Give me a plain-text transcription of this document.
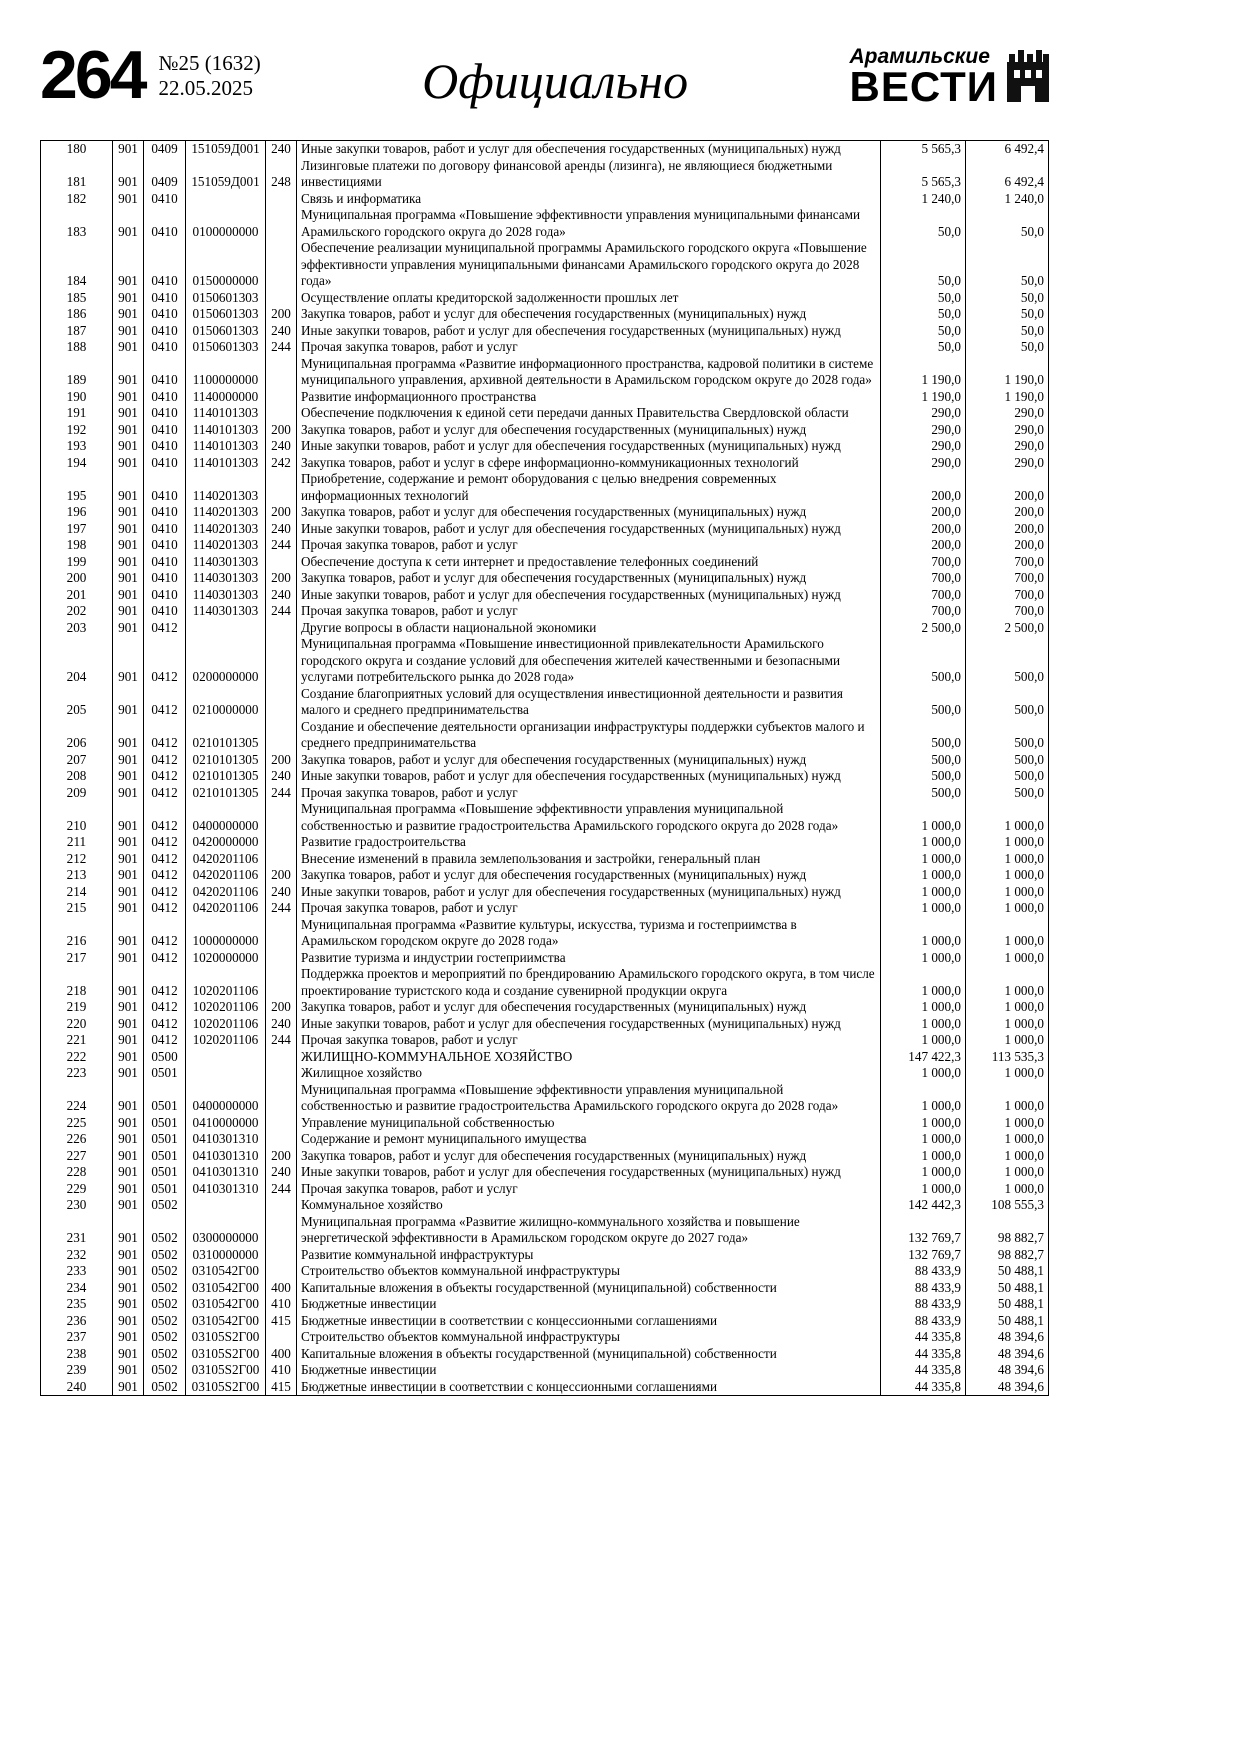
264 №25 (1632)
22.05.2025	Официально	Арамильские
ВЕСТИ
180	901	0409	151059Д001	240	Иные закупки товаров, работ и услуг для обеспечения государственных (муниципальных) нужд	5 565,3	6 492,4
181	901	0409	151059Д001	248	Лизинговые платежи по договору финансовой аренды (лизинга), не являющиеся бюджетными инвестициями	5 565,3	6 492,4
182	901	0410			Связь и информатика	1 240,0	1 240,0
183	901	0410	0100000000		Муниципальная программа «Повышение эффективности управления муниципальными финансами Арамильского городского округа до 2028 года»	50,0	50,0
184	901	0410	0150000000		Обеспечение реализации муниципальной программы Арамильского городского округа «Повышение эффективности управления муниципальными финансами Арамильского городского округа до 2028 года»	50,0	50,0
185	901	0410	0150601303		Осуществление оплаты кредиторской задолженности прошлых лет	50,0	50,0
186	901	0410	0150601303	200	Закупка товаров, работ и услуг для обеспечения государственных (муниципальных) нужд	50,0	50,0
187	901	0410	0150601303	240	Иные закупки товаров, работ и услуг для обеспечения государственных (муниципальных) нужд	50,0	50,0
188	901	0410	0150601303	244	Прочая закупка товаров, работ и услуг	50,0	50,0
189	901	0410	1100000000		Муниципальная программа «Развитие информационного пространства, кадровой политики в системе муниципального управления, архивной деятельности в Арамильском городском округе до 2028 года»	1 190,0	1 190,0
190	901	0410	1140000000		Развитие информационного пространства	1 190,0	1 190,0
191	901	0410	1140101303		Обеспечение подключения к единой сети передачи данных Правительства Свердловской области	290,0	290,0
192	901	0410	1140101303	200	Закупка товаров, работ и услуг для обеспечения государственных (муниципальных) нужд	290,0	290,0
193	901	0410	1140101303	240	Иные закупки товаров, работ и услуг для обеспечения государственных (муниципальных) нужд	290,0	290,0
194	901	0410	1140101303	242	Закупка товаров, работ и услуг в сфере информационно-коммуникационных технологий	290,0	290,0
195	901	0410	1140201303		Приобретение, содержание и ремонт оборудования с целью внедрения современных информационных технологий	200,0	200,0
196	901	0410	1140201303	200	Закупка товаров, работ и услуг для обеспечения государственных (муниципальных) нужд	200,0	200,0
197	901	0410	1140201303	240	Иные закупки товаров, работ и услуг для обеспечения государственных (муниципальных) нужд	200,0	200,0
198	901	0410	1140201303	244	Прочая закупка товаров, работ и услуг	200,0	200,0
199	901	0410	1140301303		Обеспечение доступа к сети интернет и предоставление телефонных соединений	700,0	700,0
200	901	0410	1140301303	200	Закупка товаров, работ и услуг для обеспечения государственных (муниципальных) нужд	700,0	700,0
201	901	0410	1140301303	240	Иные закупки товаров, работ и услуг для обеспечения государственных (муниципальных) нужд	700,0	700,0
202	901	0410	1140301303	244	Прочая закупка товаров, работ и услуг	700,0	700,0
203	901	0412			Другие вопросы в области национальной экономики	2 500,0	2 500,0
204	901	0412	0200000000		Муниципальная программа «Повышение инвестиционной привлекательности Арамильского городского округа и создание условий для обеспечения жителей качественными и безопасными услугами потребительского рынка до 2028 года»	500,0	500,0
205	901	0412	0210000000		Создание благоприятных условий для осуществления инвестиционной деятельности и развития малого и среднего предпринимательства	500,0	500,0
206	901	0412	0210101305		Создание и обеспечение деятельности организации инфраструктуры поддержки субъектов малого и среднего предпринимательства	500,0	500,0
207	901	0412	0210101305	200	Закупка товаров, работ и услуг для обеспечения государственных (муниципальных) нужд	500,0	500,0
208	901	0412	0210101305	240	Иные закупки товаров, работ и услуг для обеспечения государственных (муниципальных) нужд	500,0	500,0
209	901	0412	0210101305	244	Прочая закупка товаров, работ и услуг	500,0	500,0
210	901	0412	0400000000		Муниципальная программа «Повышение эффективности управления муниципальной собственностью и развитие градостроительства Арамильского городского округа до 2028 года»	1 000,0	1 000,0
211	901	0412	0420000000		Развитие градостроительства	1 000,0	1 000,0
212	901	0412	0420201106		Внесение изменений в правила землепользования и застройки, генеральный план	1 000,0	1 000,0
213	901	0412	0420201106	200	Закупка товаров, работ и услуг для обеспечения государственных (муниципальных) нужд	1 000,0	1 000,0
214	901	0412	0420201106	240	Иные закупки товаров, работ и услуг для обеспечения государственных (муниципальных) нужд	1 000,0	1 000,0
215	901	0412	0420201106	244	Прочая закупка товаров, работ и услуг	1 000,0	1 000,0
216	901	0412	1000000000		Муниципальная программа «Развитие культуры, искусства, туризма и гостеприимства в Арамильском городском округе до 2028 года»	1 000,0	1 000,0
217	901	0412	1020000000		Развитие туризма и индустрии гостеприимства	1 000,0	1 000,0
218	901	0412	1020201106		Поддержка проектов и мероприятий по брендированию Арамильского городского округа, в том числе проектирование туристского кода и создание сувенирной продукции округа	1 000,0	1 000,0
219	901	0412	1020201106	200	Закупка товаров, работ и услуг для обеспечения государственных (муниципальных) нужд	1 000,0	1 000,0
220	901	0412	1020201106	240	Иные закупки товаров, работ и услуг для обеспечения государственных (муниципальных) нужд	1 000,0	1 000,0
221	901	0412	1020201106	244	Прочая закупка товаров, работ и услуг	1 000,0	1 000,0
222	901	0500			ЖИЛИЩНО-КОММУНАЛЬНОЕ ХОЗЯЙСТВО	147 422,3	113 535,3
223	901	0501			Жилищное хозяйство	1 000,0	1 000,0
224	901	0501	0400000000		Муниципальная программа «Повышение эффективности управления муниципальной собственностью и развитие градостроительства Арамильского городского округа до 2028 года»	1 000,0	1 000,0
225	901	0501	0410000000		Управление муниципальной собственностью	1 000,0	1 000,0
226	901	0501	0410301310		Содержание и ремонт муниципального имущества	1 000,0	1 000,0
227	901	0501	0410301310	200	Закупка товаров, работ и услуг для обеспечения государственных (муниципальных) нужд	1 000,0	1 000,0
228	901	0501	0410301310	240	Иные закупки товаров, работ и услуг для обеспечения государственных (муниципальных) нужд	1 000,0	1 000,0
229	901	0501	0410301310	244	Прочая закупка товаров, работ и услуг	1 000,0	1 000,0
230	901	0502			Коммунальное хозяйство	142 442,3	108 555,3
231	901	0502	0300000000		Муниципальная программа «Развитие жилищно-коммунального хозяйства и повышение энергетической эффективности в Арамильском городском округе до 2027 года»	132 769,7	98 882,7
232	901	0502	0310000000		Развитие коммунальной инфраструктуры	132 769,7	98 882,7
233	901	0502	0310542Г00		Строительство объектов коммунальной инфраструктуры	88 433,9	50 488,1
234	901	0502	0310542Г00	400	Капитальные вложения в объекты государственной (муниципальной) собственности	88 433,9	50 488,1
235	901	0502	0310542Г00	410	Бюджетные инвестиции	88 433,9	50 488,1
236	901	0502	0310542Г00	415	Бюджетные инвестиции в соответствии с концессионными соглашениями	88 433,9	50 488,1
237	901	0502	03105S2Г00		Строительство объектов коммунальной инфраструктуры	44 335,8	48 394,6
238	901	0502	03105S2Г00	400	Капитальные вложения в объекты государственной (муниципальной) собственности	44 335,8	48 394,6
239	901	0502	03105S2Г00	410	Бюджетные инвестиции	44 335,8	48 394,6
240	901	0502	03105S2Г00	415	Бюджетные инвестиции в соответствии с концессионными соглашениями	44 335,8	48 394,6
